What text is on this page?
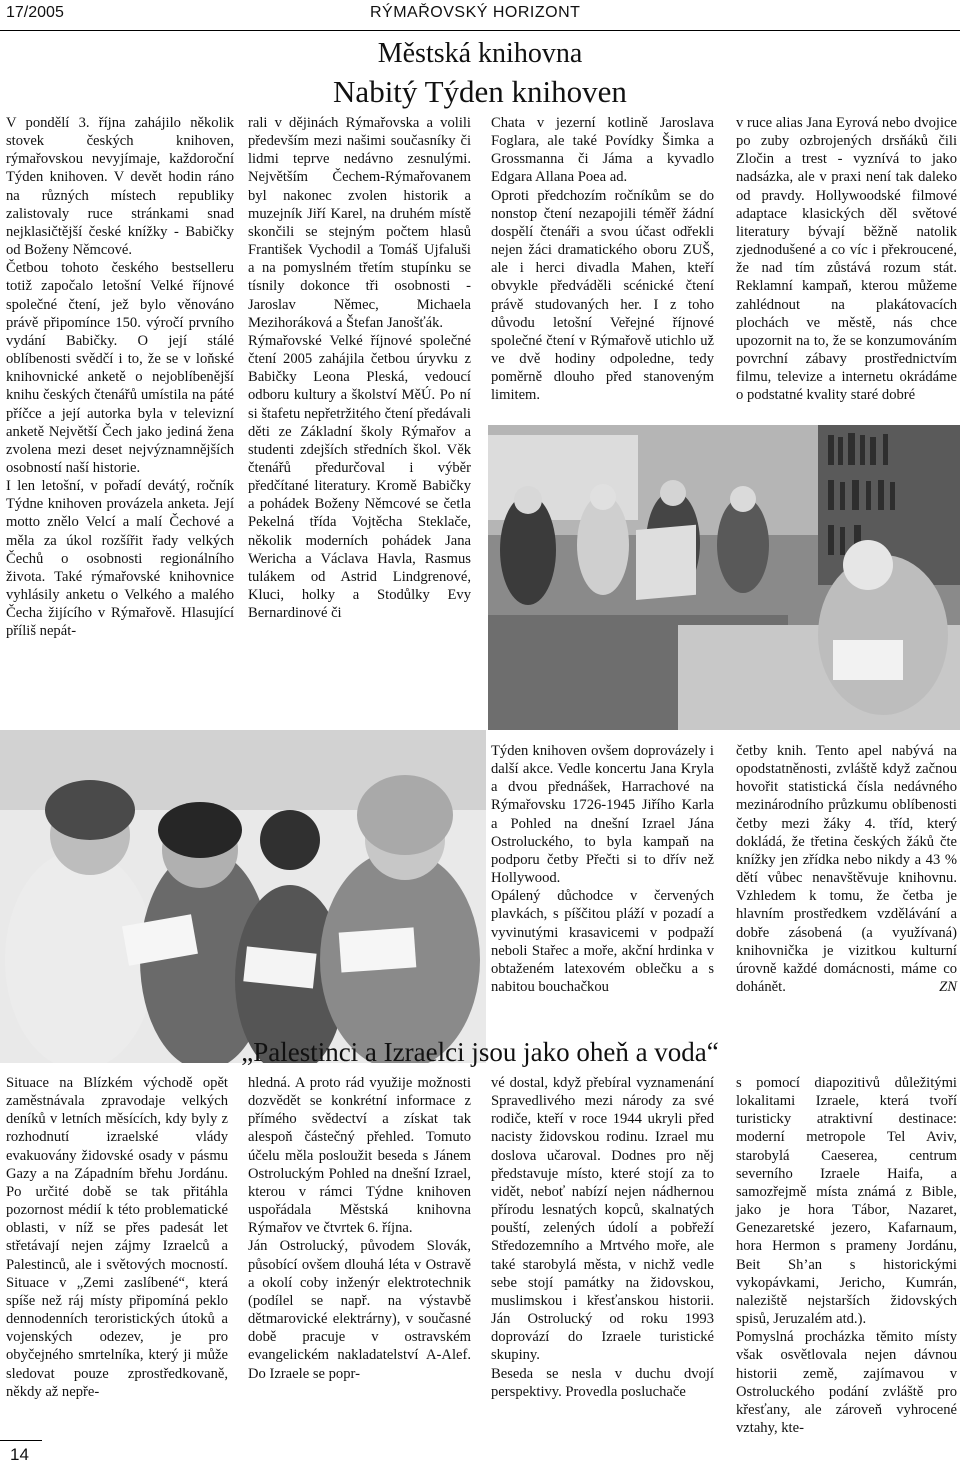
17/2005	RÝMAŘOVSKÝ HORIZONT
Městská knihovna
Nabitý Týden knihoven

V pondělí 3. října zahájilo několik stovek českých knihoven, rýmařovskou nevyjímaje, každoroční Týden knihoven. V devět hodin ráno na různých místech republiky zalistovaly ruce stránkami snad nejklasičtější české knížky - Babičky od Boženy Němcové.

Četbou tohoto českého bestselleru totiž započalo letošní Velké říjnové společné čtení, jež bylo věnováno právě připomínce 150. výročí prvního vydání Babičky. O její stálé oblíbenosti svědčí i to, že se v loňské knihovnické anketě o nejoblíbenější knihu českých čtenářů umístila na páté příčce a její autorka byla v televizní anketě Největší Čech jako jediná žena zvolena mezi deset nejvýznamnějších osobností naší historie.

I len letošní, v pořadí devátý, ročník Týdne knihoven provázela anketa. Její motto znělo Velcí a malí Čechové a měla za úkol rozšířit řady velkých Čechů o osobnosti regionálního života. Také rýmařovské knihovnice vyhlásily anketu o Velkého a malého Čecha žijícího v Rýmařově. Hlasující příliš nepát-

rali v dějinách Rýmařovska a volili především mezi našimi současníky či lidmi teprve nedávno zesnulými. Největším Čechem-Rýmařovanem byl nakonec zvolen historik a muzejník Jiří Karel, na druhém místě skončili se stejným počtem hlasů František Vychodil a Tomáš Ujfaluši a na pomyslném třetím stupínku se tísnily dokonce tři osobnosti - Jaroslav Němec, Michaela Mezihoráková a Štefan Janošťák.

Rýmařovské Velké říjnové společné čtení 2005 zahájila četbou úryvku z Babičky Leona Pleská, vedoucí odboru kultury a školství MěÚ. Po ní si štafetu nepřetržitého čtení předávali děti ze Základní školy Rýmařov a studenti zdejších středních škol. Věk čtenářů předurčoval i výběr předčítané literatury. Kromě Babičky a pohádek Boženy Němcové se četla Pekelná třída Vojtěcha Steklače, několik moderních pohádek Jana Wericha a Václava Havla, Rasmus tulákem od Astrid Lindgrenové, Kluci, holky a Stodůlky Evy Bernardinové či

Chata v jezerní kotlině Jaroslava Foglara, ale také Povídky Šimka a Grossmanna či Jáma a kyvadlo Edgara Allana Poea ad.

Oproti předchozím ročníkům se do nonstop čtení nezapojili téměř žádní dospělí čtenáři a svou účast odřekli nejen žáci dramatického oboru ZUŠ, ale i herci divadla Mahen, kteří obvykle předváděli scénické čtení právě studovaných her. I z toho důvodu letošní Veřejné říjnové společné čtení v Rýmařově utichlo už ve dvě hodiny odpoledne, tedy poměrně dlouho před stanoveným limitem.

v ruce alias Jana Eyrová nebo dvojice po zuby ozbrojených drsňáků čili Zločin a trest - vyznívá to jako nadsázka, ale v praxi není tak daleko od pravdy. Hollywoodské filmové adaptace klasických děl světové literatury bývají běžně natolik zjednodušené a co víc i překroucené, že nad tím zůstává rozum stát. Reklamní kampaň, kterou můžeme zahlédnout na plakátovacích plochách ve městě, nás chce upozornit na to, že se konzumováním povrchní zábavy prostřednictvím filmu, televize a internetu okrádáme o podstatné kvality staré dobré

Týden knihoven ovšem doprovázely i další akce. Vedle koncertu Jana Kryla a dvou přednášek, Harrachové na Rýmařovsku 1726-1945 Jiřího Karla a Pohled na dnešní Izrael Jána Ostroluckého, to byla kampaň na podporu četby Přečti si to dřív než Hollywood.

Opálený důchodce v červených plavkách, s píščitou pláží v pozadí a vyvinutými krasavicemi v podpaží neboli Stařec a moře, akční hrdinka v obtaženém latexovém oblečku a s nabitou bouchačkou

četby knih. Tento apel nabývá na opodstatněnosti, zvláště když začnou hovořit statistická čísla nedávného mezinárodního průzkumu oblíbenosti četby mezi žáky 4. tříd, který dokládá, že třetina českých žáků čte knížky jen zřídka nebo nikdy a 43 % dětí vůbec nenavštěvuje knihovnu. Vzhledem k tomu, že četba je hlavním prostředkem vzdělávání a dobře zásobená (a využívaná) knihovnička je vizitkou kulturní úrovně každé domácnosti, máme co dohánět.	ZN

„Palestinci a Izraelci jsou jako oheň a voda“

Situace na Blízkém východě opět zaměstnávala zpravodaje velkých deníků v letních měsících, kdy byly z rozhodnutí izraelské vlády evakuovány židovské osady v pásmu Gazy a na Západním břehu Jordánu. Po určité době se tak přitáhla pozornost médií k této problematické oblasti, v níž se přes padesát let střetávají nejen zájmy Izraelců a Palestinců, ale i světových mocností. Situace v „Zemi zaslíbené“, která spíše než ráj místy připomíná peklo dennodenních teroristických útoků a vojenských odezev, je pro obyčejného smrtelníka, který ji může sledovat pouze zprostředkovaně, někdy až nepře-

hledná. A proto rád využije možnosti dozvědět se konkrétní informace z přímého svědectví a získat tak alespoň částečný přehled. Tomuto účelu měla posloužit beseda s Jánem Ostroluckým Pohled na dnešní Izrael, kterou v rámci Týdne knihoven uspořádala Městská knihovna Rýmařov ve čtvrtek 6. října.

Ján Ostrolucký, původem Slovák, působící ovšem dlouhá léta v Ostravě a okolí coby inženýr elektrotechnik (podílel se např. na výstavbě dětmarovické elektrárny), v současné době pracuje v ostravském evangelickém nakladatelství A-Alef. Do Izraele se popr-

vé dostal, když přebíral vyznamenání Spravedlivého mezi národy za své rodiče, kteří v roce 1944 ukryli před nacisty židovskou rodinu. Izrael mu doslova učaroval. Dodnes pro něj představuje místo, které stojí za to vidět, neboť nabízí nejen nádhernou přírodu lesnatých kopců, skalnatých pouští, zelených údolí a pobřeží Středozemního a Mrtvého moře, ale také starobylá města, v nichž vedle sebe stojí památky na židovskou, muslimskou i křesťanskou historii. Ján Ostrolucký od roku 1993 doprovází do Izraele turistické skupiny.

Beseda se nesla v duchu dvojí perspektivy. Provedla posluchače

s pomocí diapozitivů důležitými lokalitami Izraele, která tvoří turisticky atraktivní destinace: moderní metropole Tel Aviv, starobylá Caeserea, centrum severního Izraele Haifa, a samozřejmě místa známá z Bible, jako je hora Tábor, Nazaret, Genezaretské jezero, Kafarnaum, hora Hermon s prameny Jordánu, Beit Sh’an s historickými vykopávkami, Jericho, Kumrán, naleziště nejstarších židovských spisů, Jeruzalém atd.).

Pomyslná procházka těmito místy však osvětlovala nejen dávnou historii země, zajímavou v Ostroluckého podání zvláště pro křesťany, ale zároveň vyhrocené vztahy, kte-

14
